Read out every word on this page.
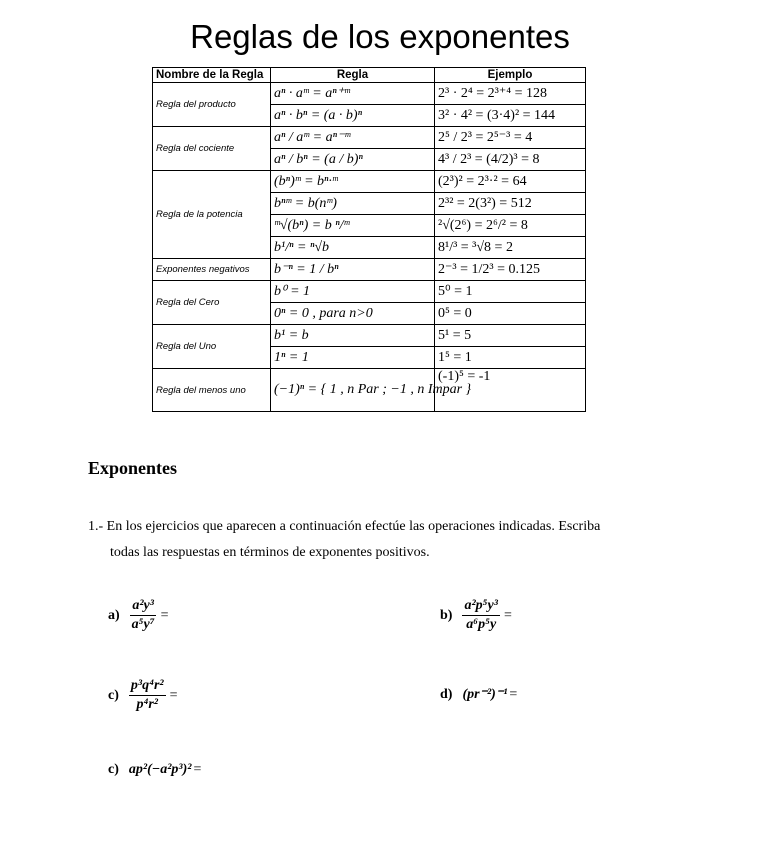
Reglas de los exponentes
Nombre de la Regla	Regla	Ejemplo
Regla del producto	aⁿ · aᵐ = aⁿ⁺ᵐ	2³ · 2⁴ = 2³⁺⁴ = 128
	aⁿ · bⁿ = (a · b)ⁿ	3² · 4² = (3·4)² = 144
Regla del cociente	aⁿ / aᵐ = aⁿ⁻ᵐ	2⁵ / 2³ = 2⁵⁻³ = 4
	aⁿ / bⁿ = (a / b)ⁿ	4³ / 2³ = (4/2)³ = 8
Regla de la potencia	(bⁿ)ᵐ = bⁿ·ᵐ	(2³)² = 2³·² = 64
	bⁿᵐ = b(nᵐ)	2³² = 2(3²) = 512
	ᵐ√(bⁿ) = b ⁿ/ᵐ	²√(2⁶) = 2⁶/² = 8
	b¹/ⁿ = ⁿ√b	8¹/³ = ³√8 = 2
Exponentes negativos	b⁻ⁿ = 1 / bⁿ	2⁻³ = 1/2³ = 0.125
Regla del Cero	b⁰ = 1	5⁰ = 1
	0ⁿ = 0 , para n>0	0⁵ = 0
Regla del Uno	b¹ = b	5¹ = 5
	1ⁿ = 1	1⁵ = 1
Regla del menos uno	(−1)ⁿ = { 1 , n Par ; −1 , n Impar }	(-1)⁵ = -1
Exponentes
1.- En los ejercicios que aparecen a continuación efectúe las operaciones indicadas. Escriba
todas las respuestas en términos de exponentes positivos.
$a) \frac{\text{a²y³}}{\text{a⁵y⁷}}$ =	$b) \frac{\text{a²p⁵y³}}{\text{a⁶p⁵y}}$ =
$c) \frac{\text{p³q⁴r²}}{\text{p⁴r²}}$ =	d) (pr⁻²)⁻¹ =
c) ap²(−a²p³)² =
